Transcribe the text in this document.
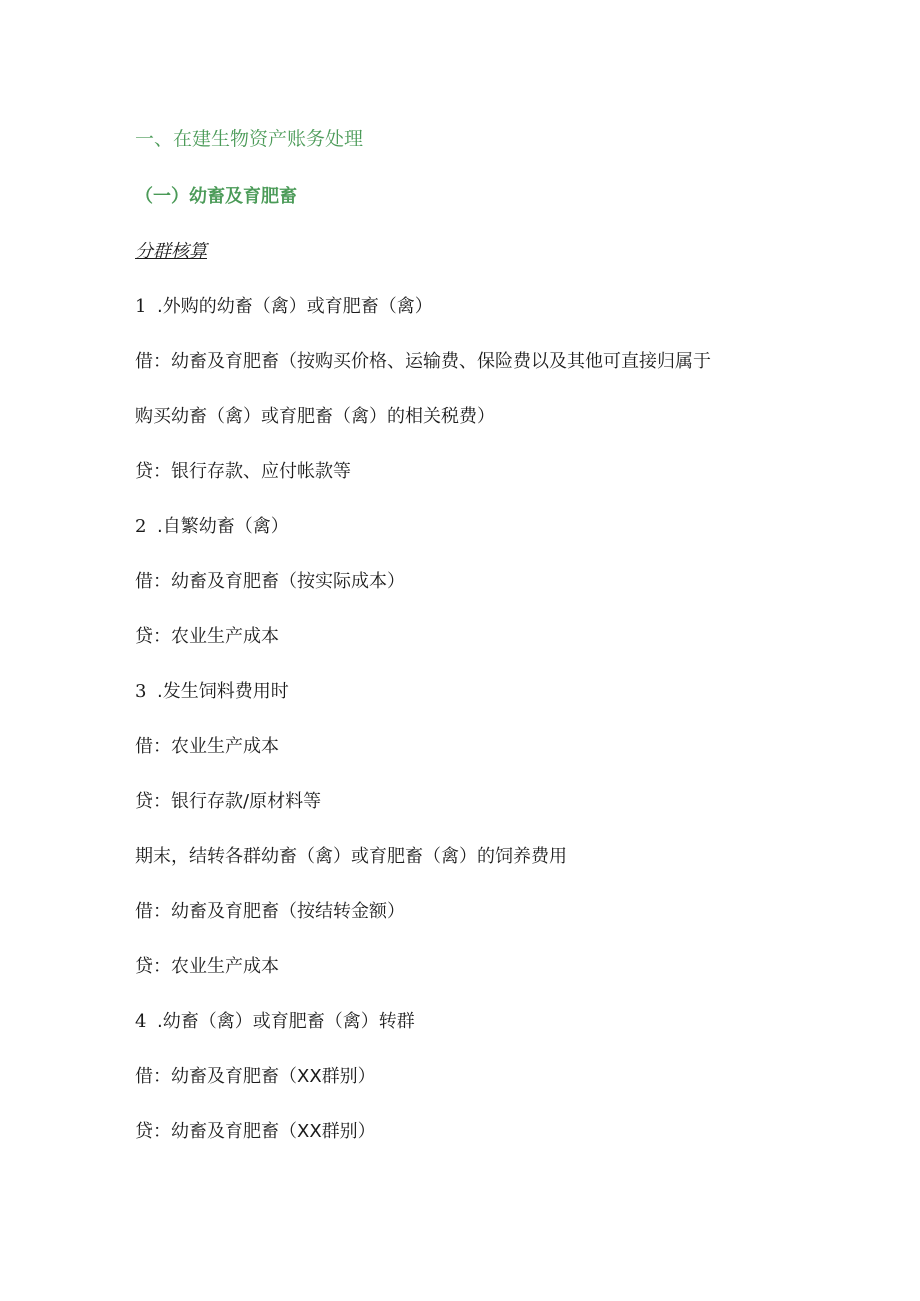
一、在建生物资产账务处理
（一）幼畜及育肥畜
分群核算
1 .外购的幼畜（禽）或育肥畜（禽）
借：幼畜及育肥畜（按购买价格、运输费、保险费以及其他可直接归属于
购买幼畜（禽）或育肥畜（禽）的相关税费）
贷：银行存款、应付帐款等
2 .自繁幼畜（禽）
借：幼畜及育肥畜（按实际成本）
贷：农业生产成本
3 .发生饲料费用时
借：农业生产成本
贷：银行存款/原材料等
期末，结转各群幼畜（禽）或育肥畜（禽）的饲养费用
借：幼畜及育肥畜（按结转金额）
贷：农业生产成本
4 .幼畜（禽）或育肥畜（禽）转群
借：幼畜及育肥畜（XX群别）
贷：幼畜及育肥畜（XX群别）
